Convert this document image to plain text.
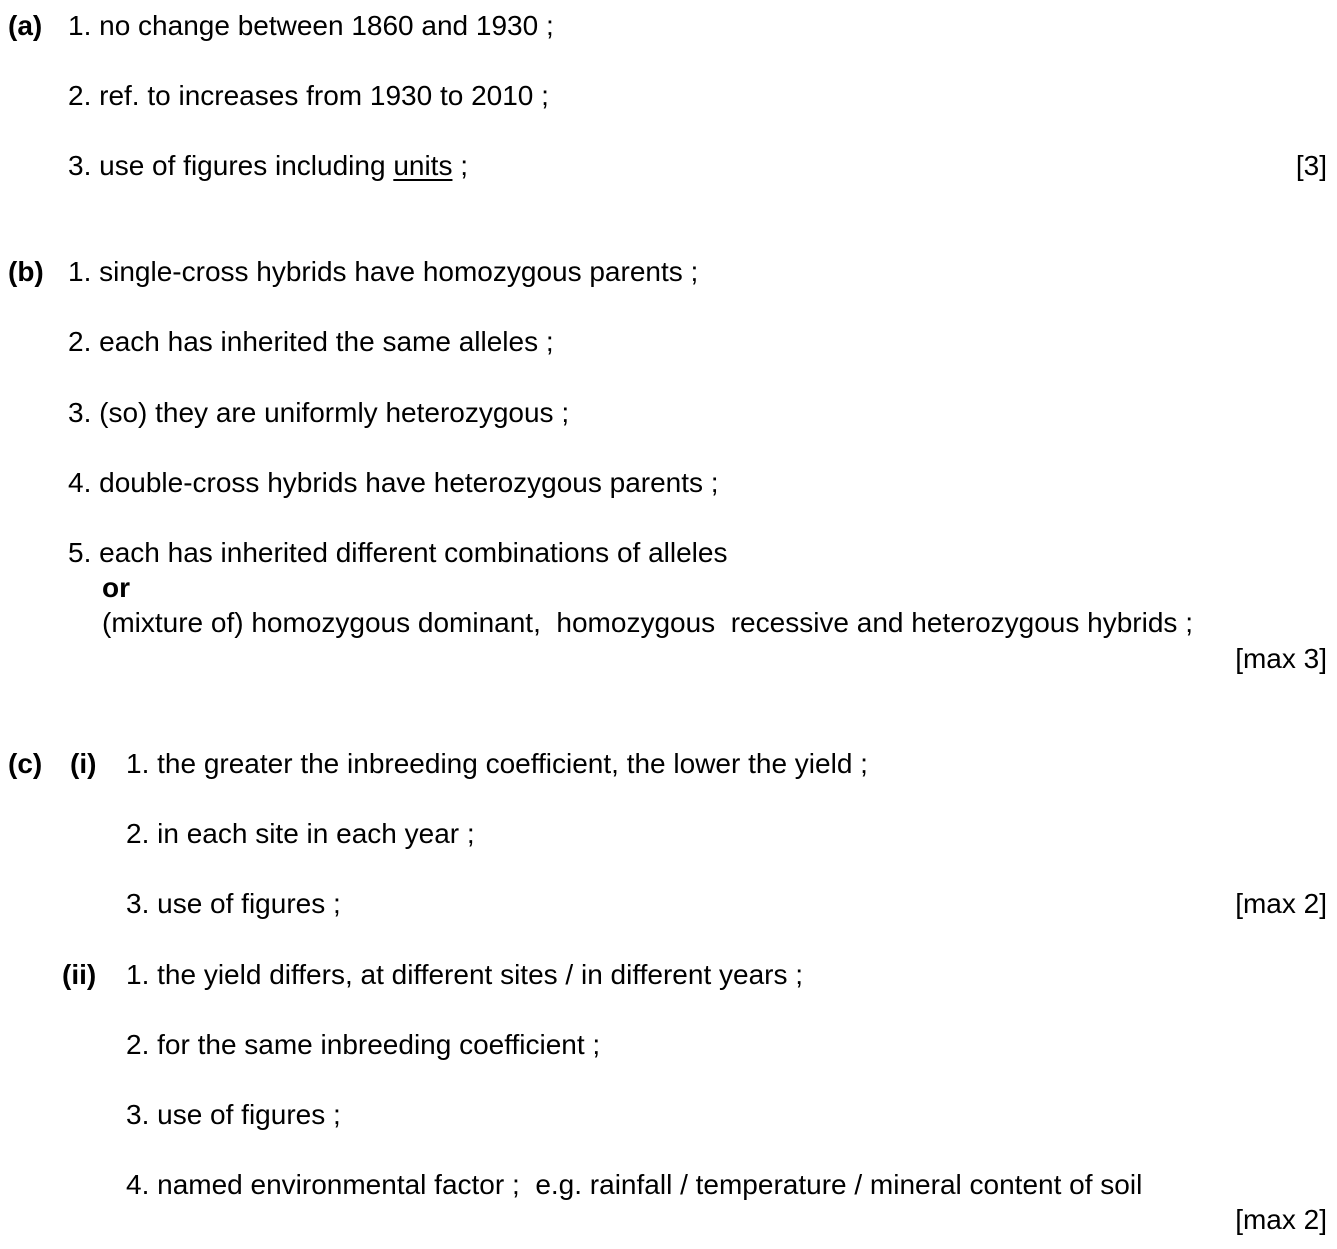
(a) 1. no change between 1860 and 1930 ;
2. ref. to increases from 1930 to 2010 ;
3. use of figures including units ;	[3]
(b) 1. single-cross hybrids have homozygous parents ;
2. each has inherited the same alleles ;
3. (so) they are uniformly heterozygous ;
4. double-cross hybrids have heterozygous parents ;
5. each has inherited different combinations of alleles
or
(mixture of) homozygous dominant,  homozygous  recessive and heterozygous hybrids ;
[max 3]
(c) (i) 1. the greater the inbreeding coefficient, the lower the yield ;
2. in each site in each year ;
3. use of figures ;	[max 2]
(ii) 1. the yield differs, at different sites / in different years ;
2. for the same inbreeding coefficient ;
3. use of figures ;
4. named environmental factor ;  e.g. rainfall / temperature / mineral content of soil
[max 2]
